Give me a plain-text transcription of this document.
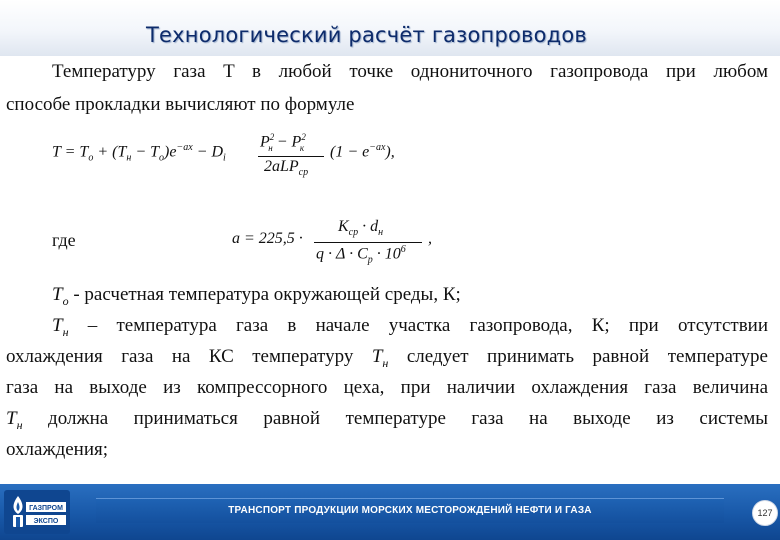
Технологический расчёт газопроводов
Температуру газа T в любой точке однониточного газопровода при любом
способе прокладки вычисляют по формуле
$T = T_o + (T_н - T_o)e^{-ax} - D_i$
$P^2_н - P^2_к$
2aLP$_{ср}$
$(1 - e^{-ax})$,
где	a = 225,5 ·
$K_{ср} \cdot d_н$
$q \cdot \Delta \cdot C_p \cdot 10^6$
,
$T_o$ - расчетная температура окружающей среды, К;
$T_н$ – температура газа в начале участка газопровода, К; при отсутствии
охлаждения газа на КС температуру $T_н$ следует принимать равной температуре
газа на выходе из компрессорного цеха, при наличии охлаждения газа величина
$T_н$ должна приниматься равной температуре газа на выходе из системы
охлаждения;
ГАЗПРОМ
ЭКСПО
ТРАНСПОРТ ПРОДУКЦИИ МОРСКИХ МЕСТОРОЖДЕНИЙ НЕФТИ И ГАЗА	127
